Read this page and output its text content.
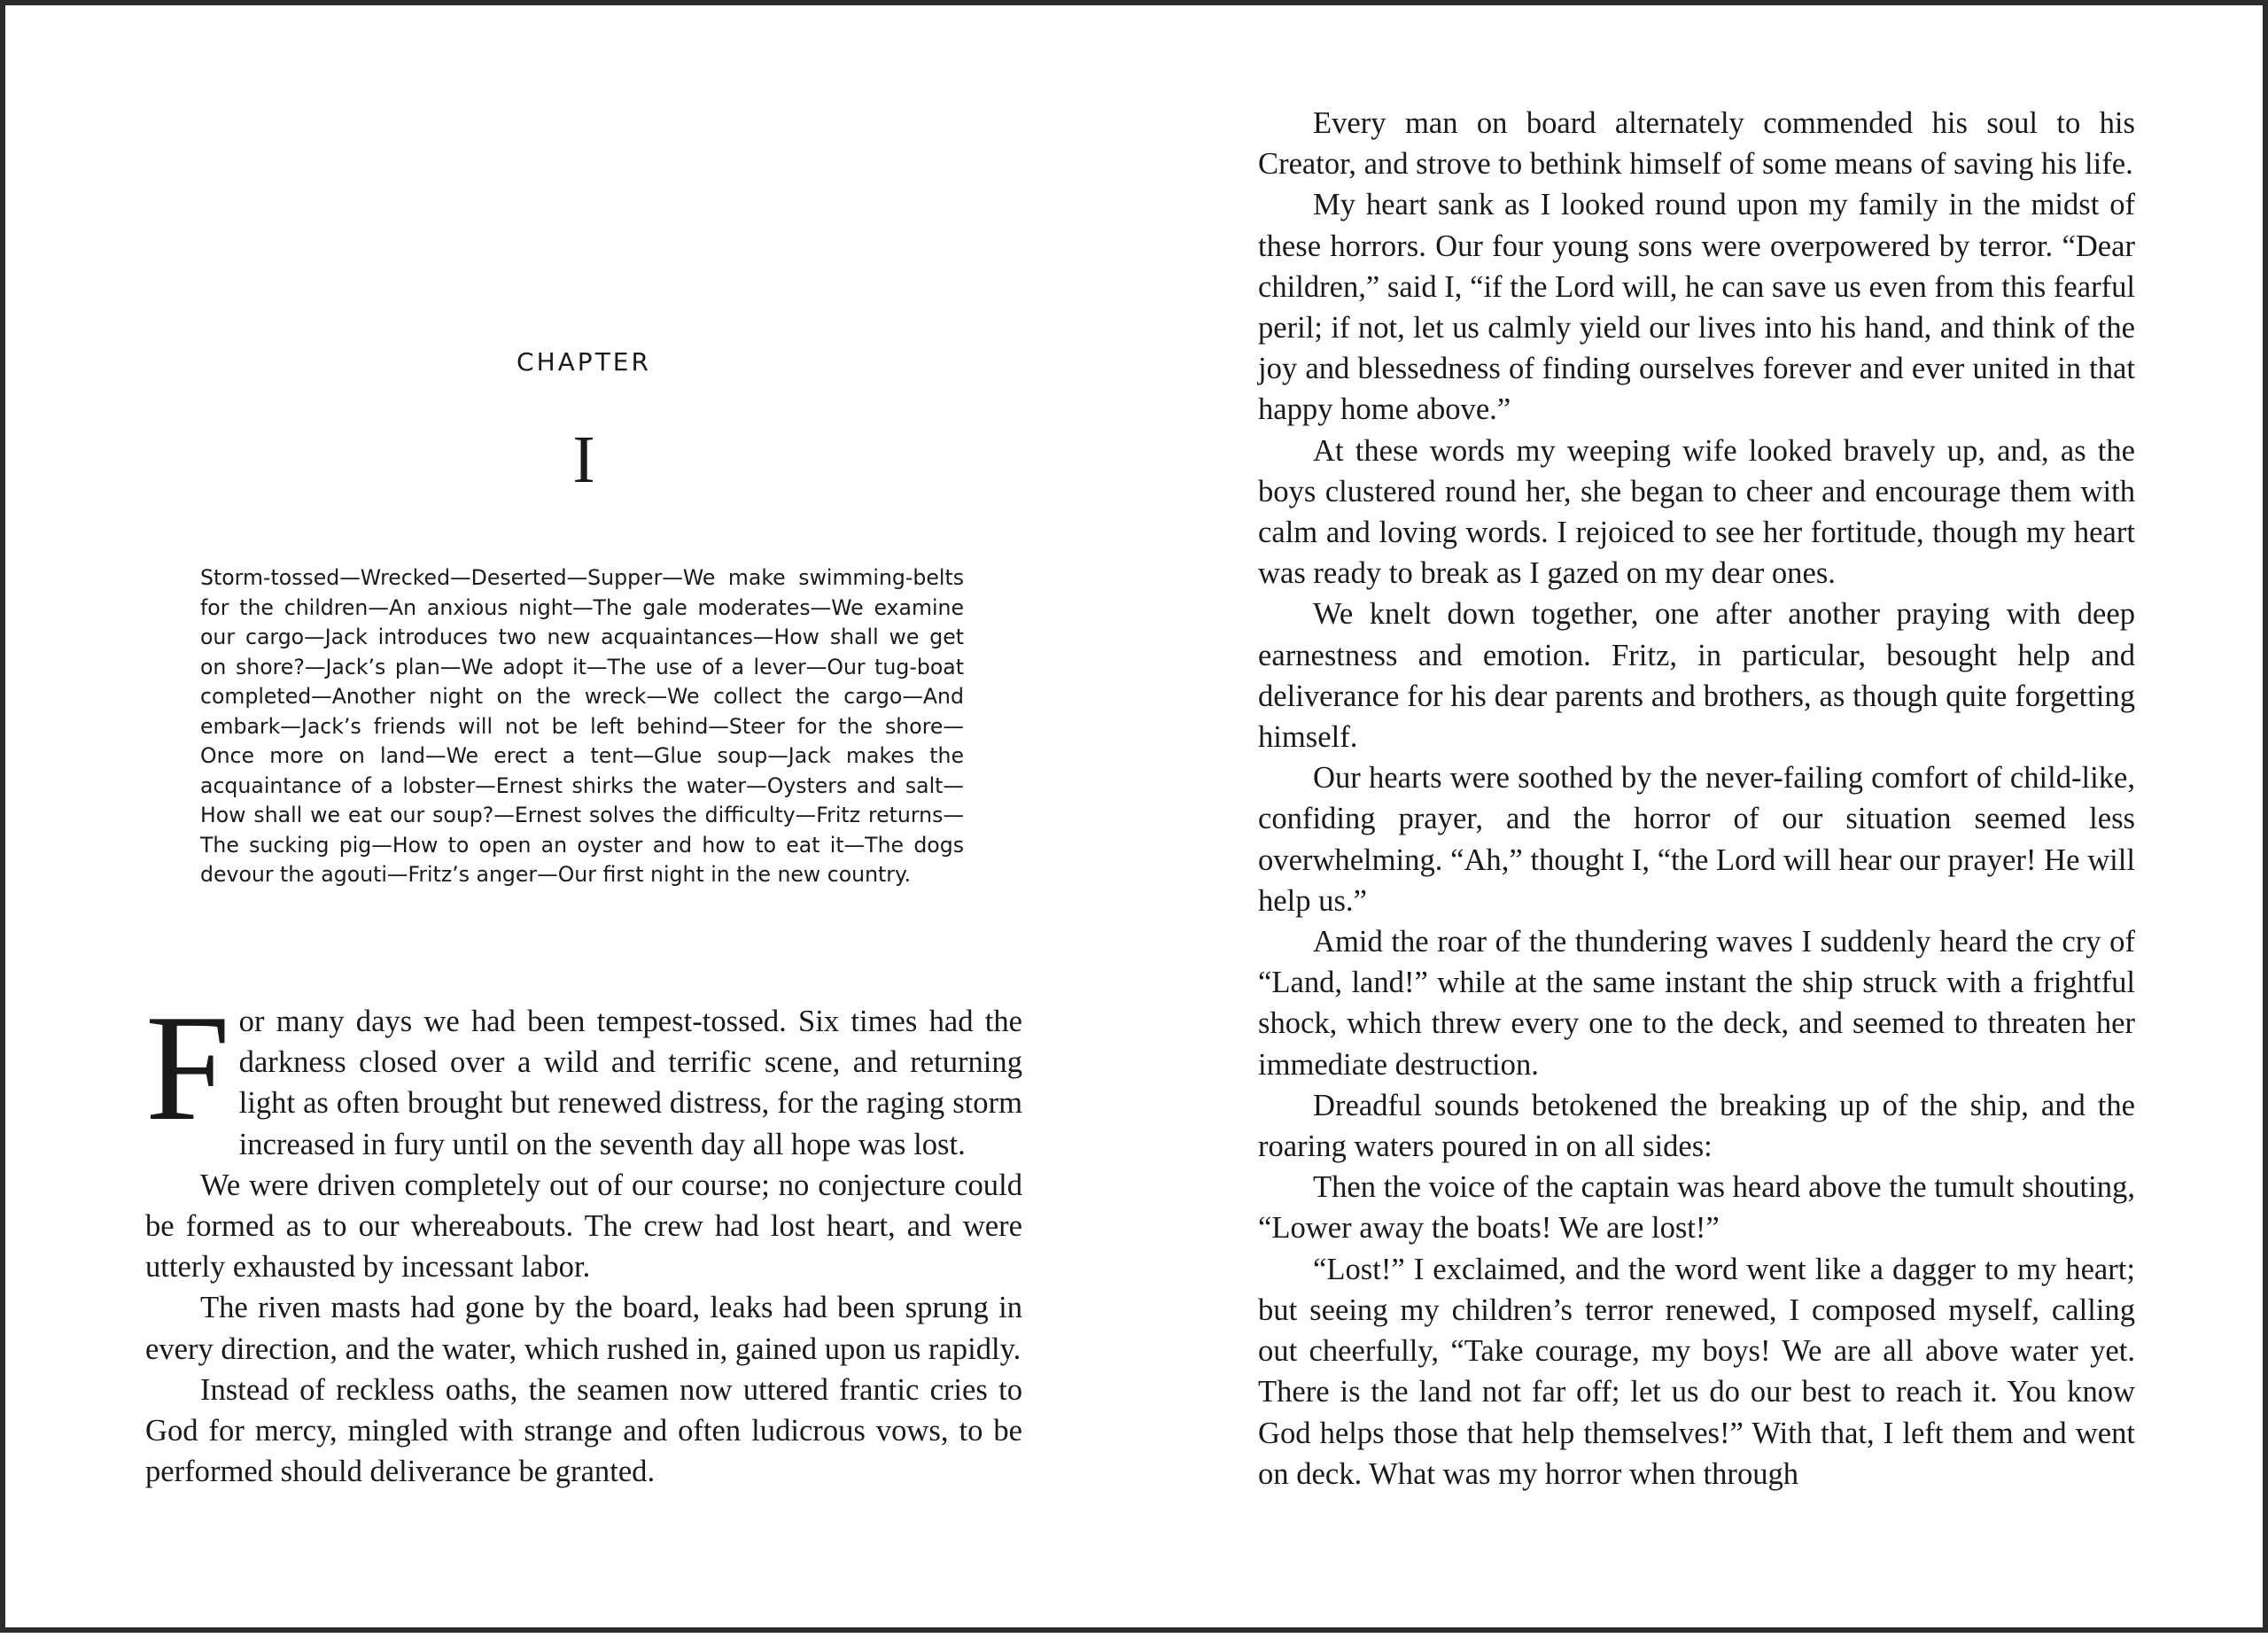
CHAPTER
I

Storm-tossed—Wrecked—Deserted—Supper—We make swimming-belts for the children—An anxious night—The gale moderates—We examine our cargo—Jack introduces two new acquaintances—How shall we get on shore?—Jack’s plan—We adopt it—The use of a lever—Our tug-boat completed—Another night on the wreck—We collect the cargo—And embark—Jack’s friends will not be left behind—Steer for the shore—Once more on land—We erect a tent—Glue soup—Jack makes the acquaintance of a lobster—Ernest shirks the water—Oysters and salt—How shall we eat our soup?—Ernest solves the difficulty—Fritz returns—The sucking pig—How to open an oyster and how to eat it—The dogs devour the agouti—Fritz’s anger—Our first night in the new country.

For many days we had been tempest-tossed. Six times had the darkness closed over a wild and terrific scene, and returning light as often brought but renewed distress, for the raging storm increased in fury until on the seventh day all hope was lost.

We were driven completely out of our course; no conjecture could be formed as to our whereabouts. The crew had lost heart, and were utterly exhausted by incessant labor.

The riven masts had gone by the board, leaks had been sprung in every direction, and the water, which rushed in, gained upon us rapidly.

Instead of reckless oaths, the seamen now uttered frantic cries to God for mercy, mingled with strange and often ludicrous vows, to be performed should deliverance be granted.

Every man on board alternately commended his soul to his Creator, and strove to bethink himself of some means of saving his life.

My heart sank as I looked round upon my family in the midst of these horrors. Our four young sons were overpowered by terror. “Dear children,” said I, “if the Lord will, he can save us even from this fearful peril; if not, let us calmly yield our lives into his hand, and think of the joy and blessedness of finding ourselves forever and ever united in that happy home above.”

At these words my weeping wife looked bravely up, and, as the boys clustered round her, she began to cheer and encourage them with calm and loving words. I rejoiced to see her fortitude, though my heart was ready to break as I gazed on my dear ones.

We knelt down together, one after another praying with deep earnestness and emotion. Fritz, in particular, besought help and deliverance for his dear parents and brothers, as though quite forgetting himself.

Our hearts were soothed by the never-failing comfort of child-like, confiding prayer, and the horror of our situation seemed less overwhelming. “Ah,” thought I, “the Lord will hear our prayer! He will help us.”

Amid the roar of the thundering waves I suddenly heard the cry of “Land, land!” while at the same instant the ship struck with a frightful shock, which threw every one to the deck, and seemed to threaten her immediate destruction.

Dreadful sounds betokened the breaking up of the ship, and the roaring waters poured in on all sides:

Then the voice of the captain was heard above the tumult shouting, “Lower away the boats! We are lost!”

“Lost!” I exclaimed, and the word went like a dagger to my heart; but seeing my children’s terror renewed, I composed myself, calling out cheerfully, “Take courage, my boys! We are all above water yet. There is the land not far off; let us do our best to reach it. You know God helps those that help themselves!” With that, I left them and went on deck. What was my horror when through
